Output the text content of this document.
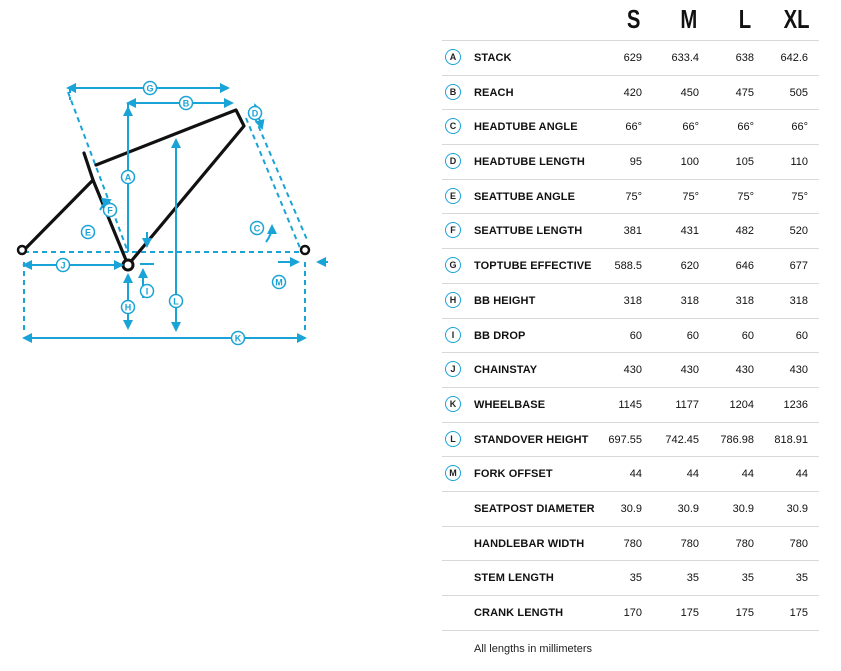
G
B
D
A
F
E	C
J
M
I
L
H
K
S M L XL
A	STACK	629	633.4	638	642.6
B	REACH	420	450	475	505
C	HEADTUBE ANGLE	66°	66°	66°	66°
D	HEADTUBE LENGTH	95	100	105	110
E	SEATTUBE ANGLE	75°	75°	75°	75°
F	SEATTUBE LENGTH	381	431	482	520
G	TOPTUBE EFFECTIVE	588.5	620	646	677
H	BB HEIGHT	318	318	318	318
I	BB DROP	60	60	60	60
J	CHAINSTAY	430	430	430	430
K	WHEELBASE	1145	1177	1204	1236
L	STANDOVER HEIGHT	697.55	742.45	786.98	818.91
M	FORK OFFSET	44	44	44	44
SEATPOST DIAMETER	30.9	30.9	30.9	30.9
HANDLEBAR WIDTH	780	780	780	780
STEM LENGTH	35	35	35	35
CRANK LENGTH	170	175	175	175
All lengths in millimeters
